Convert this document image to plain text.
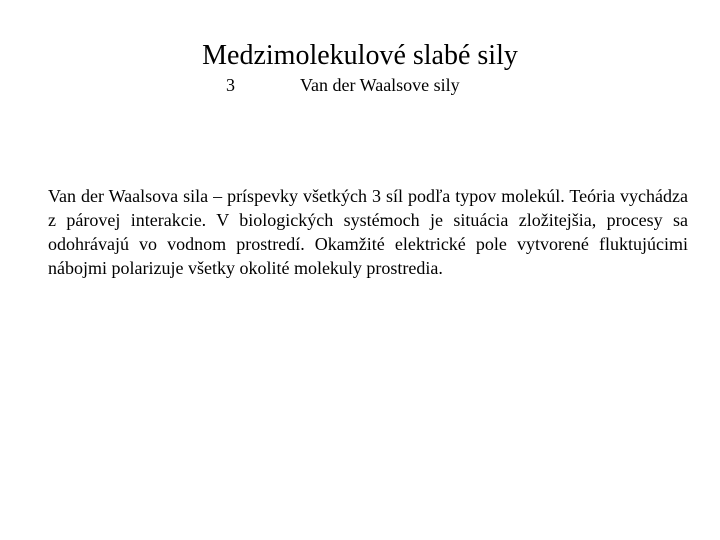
Medzimolekulové slabé sily
3	Van der Waalsove sily
Van der Waalsova sila – príspevky všetkých 3 síl podľa typov molekúl. Teória vychádza z párovej interakcie. V biologických systémoch je situácia zložitejšia, procesy sa odohrávajú vo vodnom prostredí. Okamžité elektrické pole vytvorené fluktujúcimi nábojmi polarizuje všetky okolité molekuly prostredia.
